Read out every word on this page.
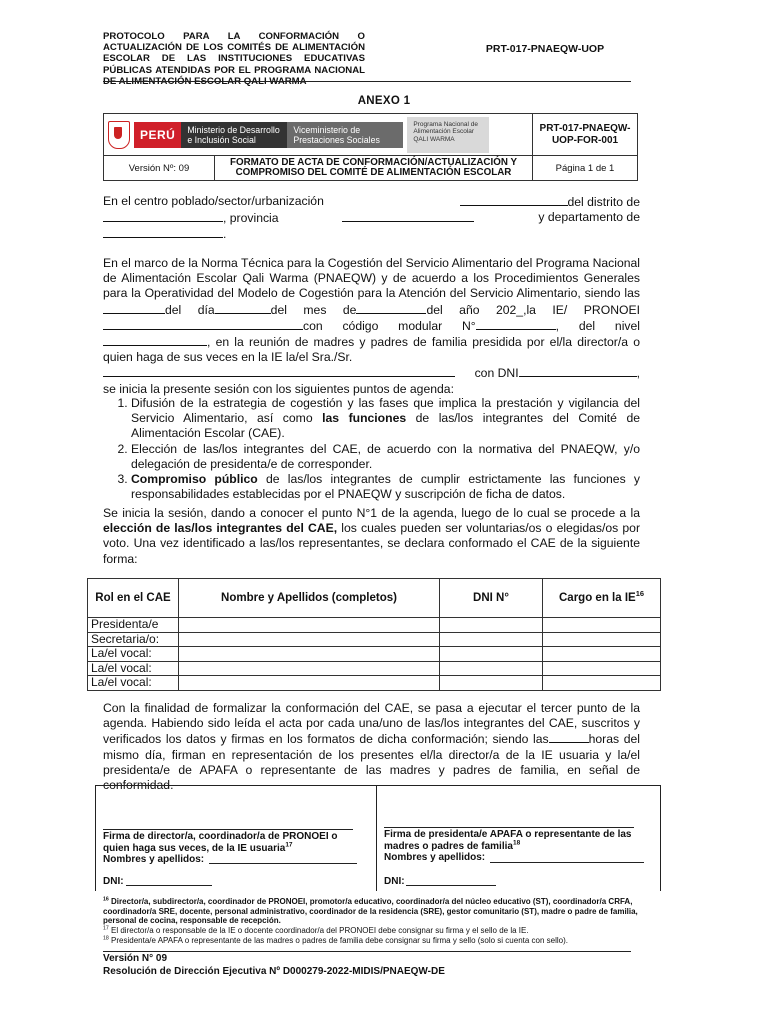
PROTOCOLO PARA LA CONFORMACIÓN O ACTUALIZACIÓN DE LOS COMITÉS DE ALIMENTACIÓN ESCOLAR DE LAS INSTITUCIONES EDUCATIVAS PÚBLICAS ATENDIDAS POR EL PROGRAMA NACIONAL DE ALIMENTACIÓN ESCOLAR QALI WARMA
PRT-017-PNAEQW-UOP
ANEXO 1
PERÚ Ministerio de Desarrollo e Inclusión Social
Viceministerio de Prestaciones Sociales
Programa Nacional de Alimentación Escolar QALI WARMA		PRT-017-PNAEQW-UOP-FOR-001
Versión Nº: 09	FORMATO DE ACTA DE CONFORMACIÓN/ACTUALIZACIÓN Y COMPROMISO DEL COMITÉ DE ALIMENTACIÓN ESCOLAR	Página 1 de 1
En el centro poblado/sector/urbanización	del distrito de
, provincia	y departamento de
.
En el marco de la Norma Técnica para la Cogestión del Servicio Alimentario del Programa Nacional de Alimentación Escolar Qali Warma (PNAEQW) y de acuerdo a los Procedimientos Generales para la Operatividad del Modelo de Cogestión para la Atención del Servicio Alimentario, siendo lasdel día	del mes de	del año 202_,la IE/ PRONOEIcon código modular N°	, del nivel, en la reunión de madres y padres de familia presidida por el/la director/a o quien haga de sus veces en la IE la/el Sra./Sr.
con DNI	,
se inicia la presente sesión con los siguientes puntos de agenda:
1. Difusión de la estrategia de cogestión y las fases que implica la prestación y vigilancia del Servicio Alimentario, así como las funciones de las/los integrantes del Comité de Alimentación Escolar (CAE).
2. Elección de las/los integrantes del CAE, de acuerdo con la normativa del PNAEQW, y/o delegación de presidenta/e de corresponder.
3. Compromiso público de las/los integrantes de cumplir estrictamente las funciones y responsabilidades establecidas por el PNAEQW y suscripción de ficha de datos.
Se inicia la sesión, dando a conocer el punto N°1 de la agenda, luego de lo cual se procede a la elección de las/los integrantes del CAE, los cuales pueden ser voluntarias/os o elegidas/os por voto. Una vez identificado a las/los representantes, se declara conformado el CAE de la siguiente forma:
Rol en el CAE	Nombre y Apellidos (completos)	DNI N°	Cargo en la IE$^{16}$
Presidenta/e			
Secretaria/o:			
La/el vocal:			
La/el vocal:			
La/el vocal:			
Con la finalidad de formalizar la conformación del CAE, se pasa a ejecutar el tercer punto de la agenda. Habiendo sido leída el acta por cada una/uno de las/los integrantes del CAE, suscritos y verificados los datos y firmas en los formatos de dicha conformación; siendo las	horas del mismo día, firman en representación de los presentes el/la director/a de la IE usuaria y la/el presidenta/e de APAFA o representante de las madres y padres de familia, en señal de conformidad.
Firma de director/a, coordinador/a de PRONOEI o quien haga sus veces, de la IE usuaria$^{17}$
Nombres y apellidos:
DNI:
Firma de presidenta/e APAFA o representante de las madres o padres de familia$^{18}$
Nombres y apellidos:
DNI:
$^{16}$ Director/a, subdirector/a, coordinador de PRONOEI, promotor/a educativo, coordinador/a del núcleo educativo (ST), coordinador/a CRFA, coordinador/a SRE, docente, personal administrativo, coordinador de la residencia (SRE), gestor comunitario (ST), madre o padre de familia, personal de cocina, responsable de recepción.
$^{17}$ El director/a o responsable de la IE o docente coordinador/a del PRONOEI debe consignar su firma y el sello de la IE.
$^{18}$ Presidenta/e APAFA o representante de las madres o padres de familia debe consignar su firma y sello (solo si cuenta con sello).
Versión N° 09
Resolución de Dirección Ejecutiva Nº D000279-2022-MIDIS/PNAEQW-DE
